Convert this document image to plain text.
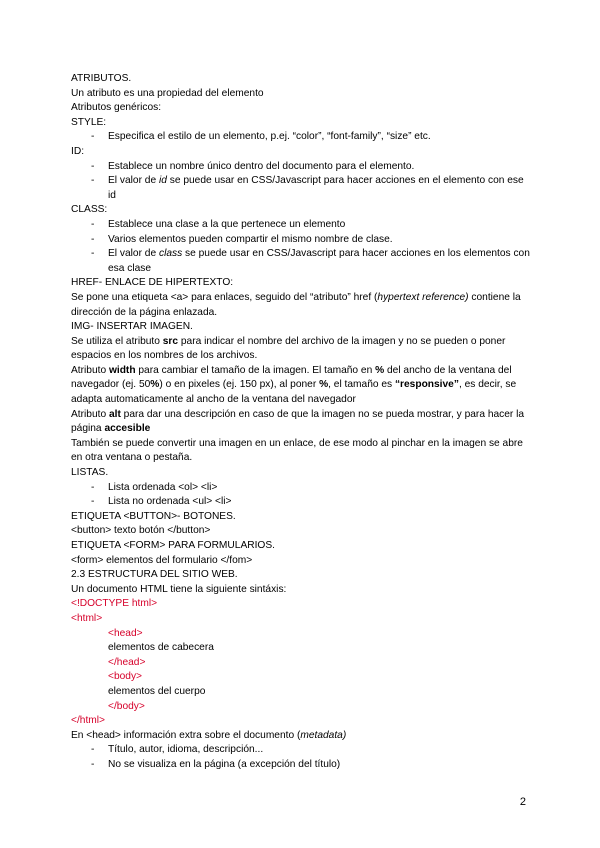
ATRIBUTOS.
Un atributo es una propiedad del elemento
Atributos genéricos:
STYLE:
- Especifica el estilo de un elemento, p.ej. “color”, “font-family”, “size” etc.
ID:
- Establece un nombre único dentro del documento para el elemento.
- El valor de id se puede usar en CSS/Javascript para hacer acciones en el elemento con ese id
CLASS:
- Establece una clase a la que pertenece un elemento
- Varios elementos pueden compartir el mismo nombre de clase.
- El valor de class se puede usar en CSS/Javascript para hacer acciones en los elementos con esa clase
HREF- ENLACE DE HIPERTEXTO:
Se pone una etiqueta <a> para enlaces, seguido del “atributo” href (hypertext reference) contiene la dirección de la página enlazada.
IMG- INSERTAR IMAGEN.
Se utiliza el atributo src para indicar el nombre del archivo de la imagen y no se pueden o poner espacios en los nombres de los archivos.
Atributo width para cambiar el tamaño de la imagen. El tamaño en % del ancho de la ventana del navegador (ej. 50%) o en pixeles (ej. 150 px), al poner %, el tamaño es “responsive”, es decir, se adapta automaticamente al ancho de la ventana del navegador
Atributo alt para dar una descripción en caso de que la imagen no se pueda mostrar, y para hacer la página accesible
También se puede convertir una imagen en un enlace, de ese modo al pinchar en la imagen se abre en otra ventana o pestaña.
LISTAS.
- Lista ordenada <ol> <li>
- Lista no ordenada <ul> <li>
ETIQUETA <BUTTON>- BOTONES.
<button> texto botón </button>
ETIQUETA <FORM> PARA FORMULARIOS.
<form> elementos del formulario </fom>
2.3 ESTRUCTURA DEL SITIO WEB.
Un documento HTML tiene la siguiente sintáxis:
<!DOCTYPE html>
<html>
<head>
elementos de cabecera
</head>
<body>
elementos del cuerpo
</body>
</html>
En <head> información extra sobre el documento (metadata)
- Título, autor, idioma, descripción...
- No se visualiza en la página (a excepción del título)
2
